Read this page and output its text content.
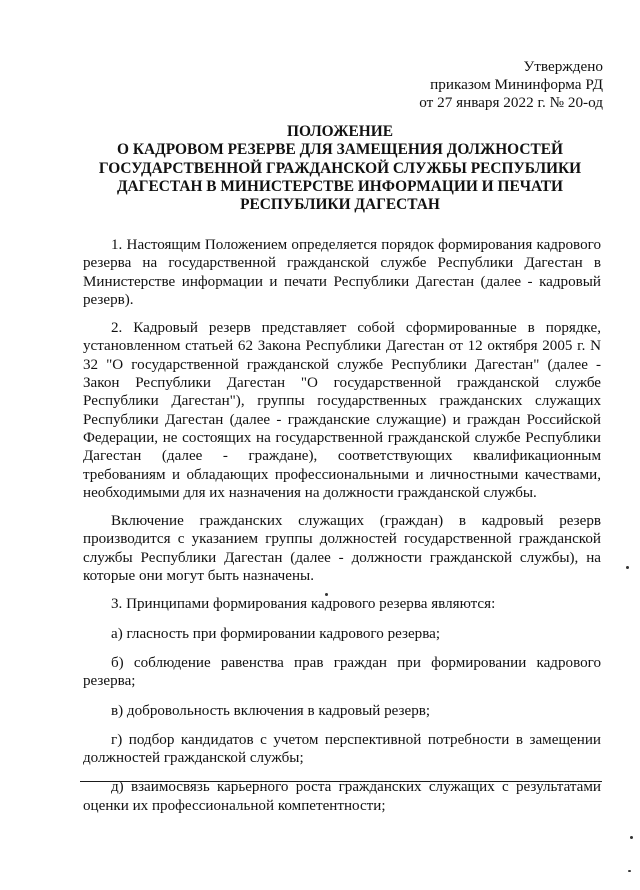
Утверждено
приказом Мининформа РД
от 27 января 2022 г. № 20-од
ПОЛОЖЕНИЕ
О КАДРОВОМ РЕЗЕРВЕ ДЛЯ ЗАМЕЩЕНИЯ ДОЛЖНОСТЕЙ
ГОСУДАРСТВЕННОЙ ГРАЖДАНСКОЙ СЛУЖБЫ РЕСПУБЛИКИ
ДАГЕСТАН В МИНИСТЕРСТВЕ ИНФОРМАЦИИ И ПЕЧАТИ
РЕСПУБЛИКИ ДАГЕСТАН

1. Настоящим Положением определяется порядок формирования кадрового резерва на государственной гражданской службе Республики Дагестан в Министерстве информации и печати Республики Дагестан (далее - кадровый резерв).

2. Кадровый резерв представляет собой сформированные в порядке, установленном статьей 62 Закона Республики Дагестан от 12 октября 2005 г. N 32 "О государственной гражданской службе Республики Дагестан" (далее - Закон Республики Дагестан "О государственной гражданской службе Республики Дагестан"), группы государственных гражданских служащих Республики Дагестан (далее - гражданские служащие) и граждан Российской Федерации, не состоящих на государственной гражданской службе Республики Дагестан (далее - граждане), соответствующих квалификационным требованиям и обладающих профессиональными и личностными качествами, необходимыми для их назначения на должности гражданской службы.

Включение гражданских служащих (граждан) в кадровый резерв производится с указанием группы должностей государственной гражданской службы Республики Дагестан (далее - должности гражданской службы), на которые они могут быть назначены.

3. Принципами формирования кадрового резерва являются:

а) гласность при формировании кадрового резерва;

б) соблюдение равенства прав граждан при формировании кадрового резерва;

в) добровольность включения в кадровый резерв;

г) подбор кандидатов с учетом перспективной потребности в замещении должностей гражданской службы;

д) взаимосвязь карьерного роста гражданских служащих с результатами оценки их профессиональной компетентности;
